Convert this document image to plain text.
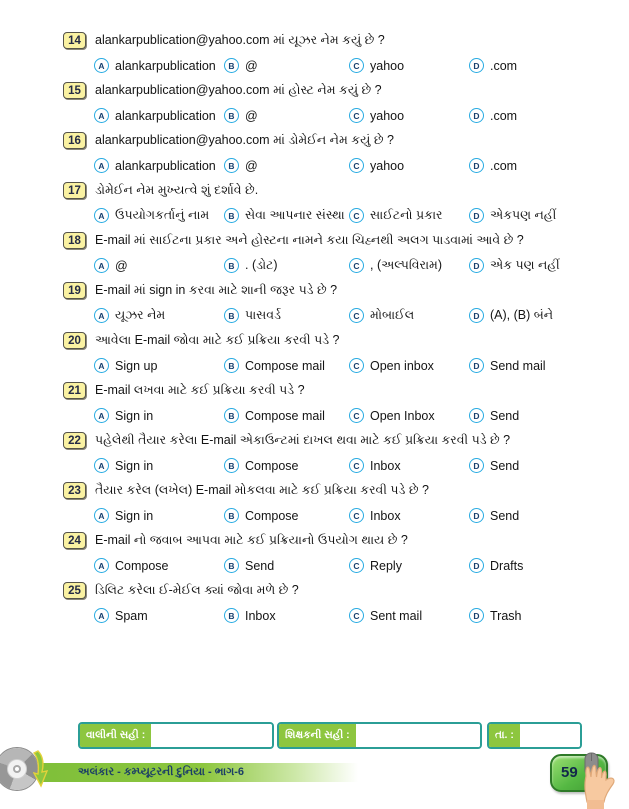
14	alankarpublication@yahoo.com માં યૂઝર નેમ કયું છે ?
A alankarpublication B @	C yahoo	D .com
15	alankarpublication@yahoo.com માં હોસ્ટ નેમ કયું છે ?
A alankarpublication B @	C yahoo	D .com
16	alankarpublication@yahoo.com માં ડોમેઈન નેમ કયું છે ?
A alankarpublication B @	C yahoo	D .com
17	ડોમેઈન નેમ મુખ્યત્વે શું દર્શાવે છે.
A ઉપયોગકર્તાનું નામ B સેવા આપનાર સંસ્થા C સાઈટનો પ્રકાર	D એકપણ નહીં
18	E-mail માં સાઈટના પ્રકાર અને હોસ્ટના નામને કયા ચિહ્નથી અલગ પાડવામાં આવે છે ?
A @	B . (ડોટ)	C , (અલ્પવિરામ)	D એક પણ નહીં
19	E-mail માં sign in કરવા માટે શાની જરૂર પડે છે ?
A યૂઝર નેમ	B પાસવર્ડ	C મોબાઈલ	D (A), (B) બંને
20	આવેલા E-mail જોવા માટે કઈ પ્રક્રિયા કરવી પડે ?
A Sign up	B Compose mail	C Open inbox	D Send mail
21	E-mail લખવા માટે કઈ પ્રક્રિયા કરવી પડે ?
A Sign in	B Compose mail	C Open Inbox	D Send
22	પહેલેથી તૈયાર કરેલા E-mail એકાઉન્ટમાં દાખલ થવા માટે કઈ પ્રક્રિયા કરવી પડે છે ?
A Sign in	B Compose	C Inbox	D Send
23	તૈયાર કરેલ (લખેલ) E-mail મોકલવા માટે કઈ પ્રક્રિયા કરવી પડે છે ?
A Sign in	B Compose	C Inbox	D Send
24	E-mail નો જવાબ આપવા માટે કઈ પ્રક્રિયાનો ઉપયોગ થાય છે ?
A Compose	B Send	C Reply	D Drafts
25	ડિલિટ કરેલા ઈ-મેઈલ ક્યાં જોવા મળે છે ?
A Spam	B Inbox	C Sent mail	D Trash
વાલીની સહી :	શિક્ષકની સહી :	તા. :
અલંકાર - કમ્પ્યૂટરની દુનિયા - ભાગ-6	59
